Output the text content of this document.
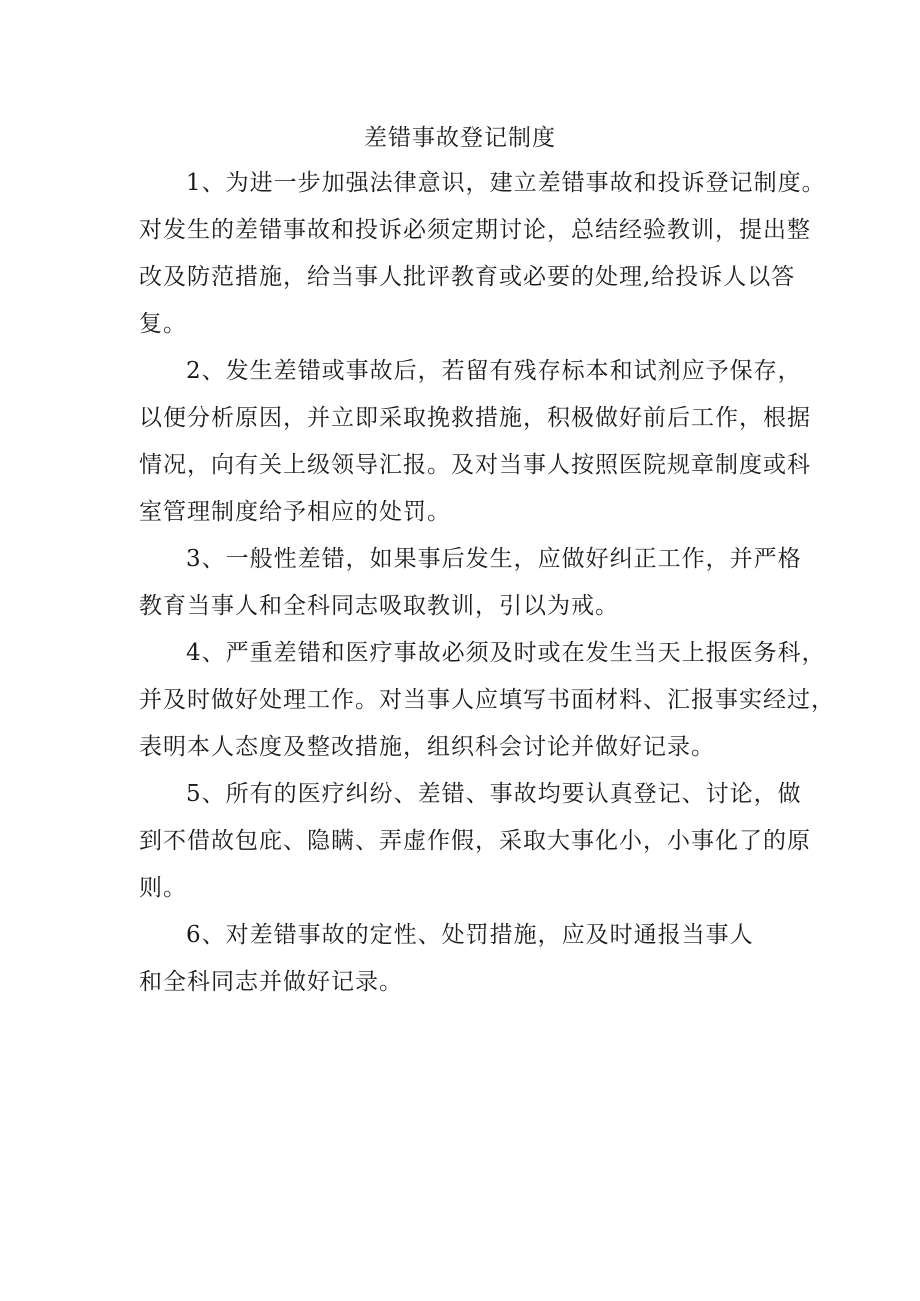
差错事故登记制度
1、为进一步加强法律意识，建立差错事故和投诉登记制度。
对发生的差错事故和投诉必须定期讨论，总结经验教训，提出整
改及防范措施，给当事人批评教育或必要的处理,给投诉人以答
复。
2、发生差错或事故后，若留有残存标本和试剂应予保存，
以便分析原因，并立即采取挽救措施，积极做好前后工作，根据
情况，向有关上级领导汇报。及对当事人按照医院规章制度或科
室管理制度给予相应的处罚。
3、一般性差错，如果事后发生，应做好纠正工作，并严格
教育当事人和全科同志吸取教训，引以为戒。
4、严重差错和医疗事故必须及时或在发生当天上报医务科，
并及时做好处理工作。对当事人应填写书面材料、汇报事实经过，
表明本人态度及整改措施，组织科会讨论并做好记录。
5、所有的医疗纠纷、差错、事故均要认真登记、讨论，做
到不借故包庇、隐瞒、弄虚作假，采取大事化小，小事化了的原
则。
6、对差错事故的定性、处罚措施，应及时通报当事人
和全科同志并做好记录。
